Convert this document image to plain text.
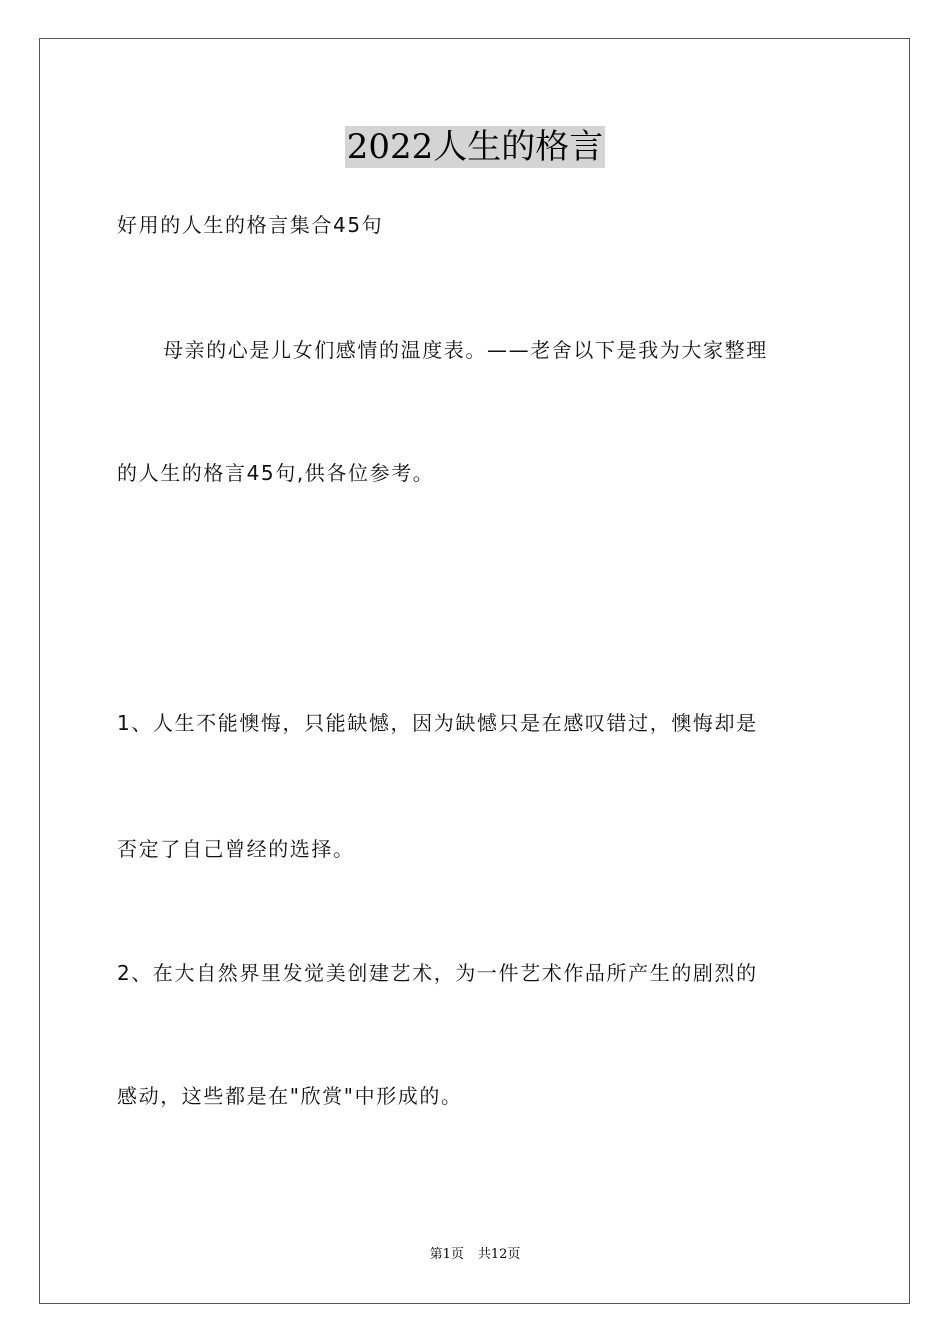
2022人生的格言
好用的人生的格言集合45句
母亲的心是儿女们感情的温度表。——老舍以下是我为大家整理
的人生的格言45句,供各位参考。
1、人生不能懊悔，只能缺憾，因为缺憾只是在感叹错过，懊悔却是
否定了自己曾经的选择。
2、在大自然界里发觉美创建艺术，为一件艺术作品所产生的剧烈的
感动，这些都是在"欣赏"中形成的。
第1页 共12页
